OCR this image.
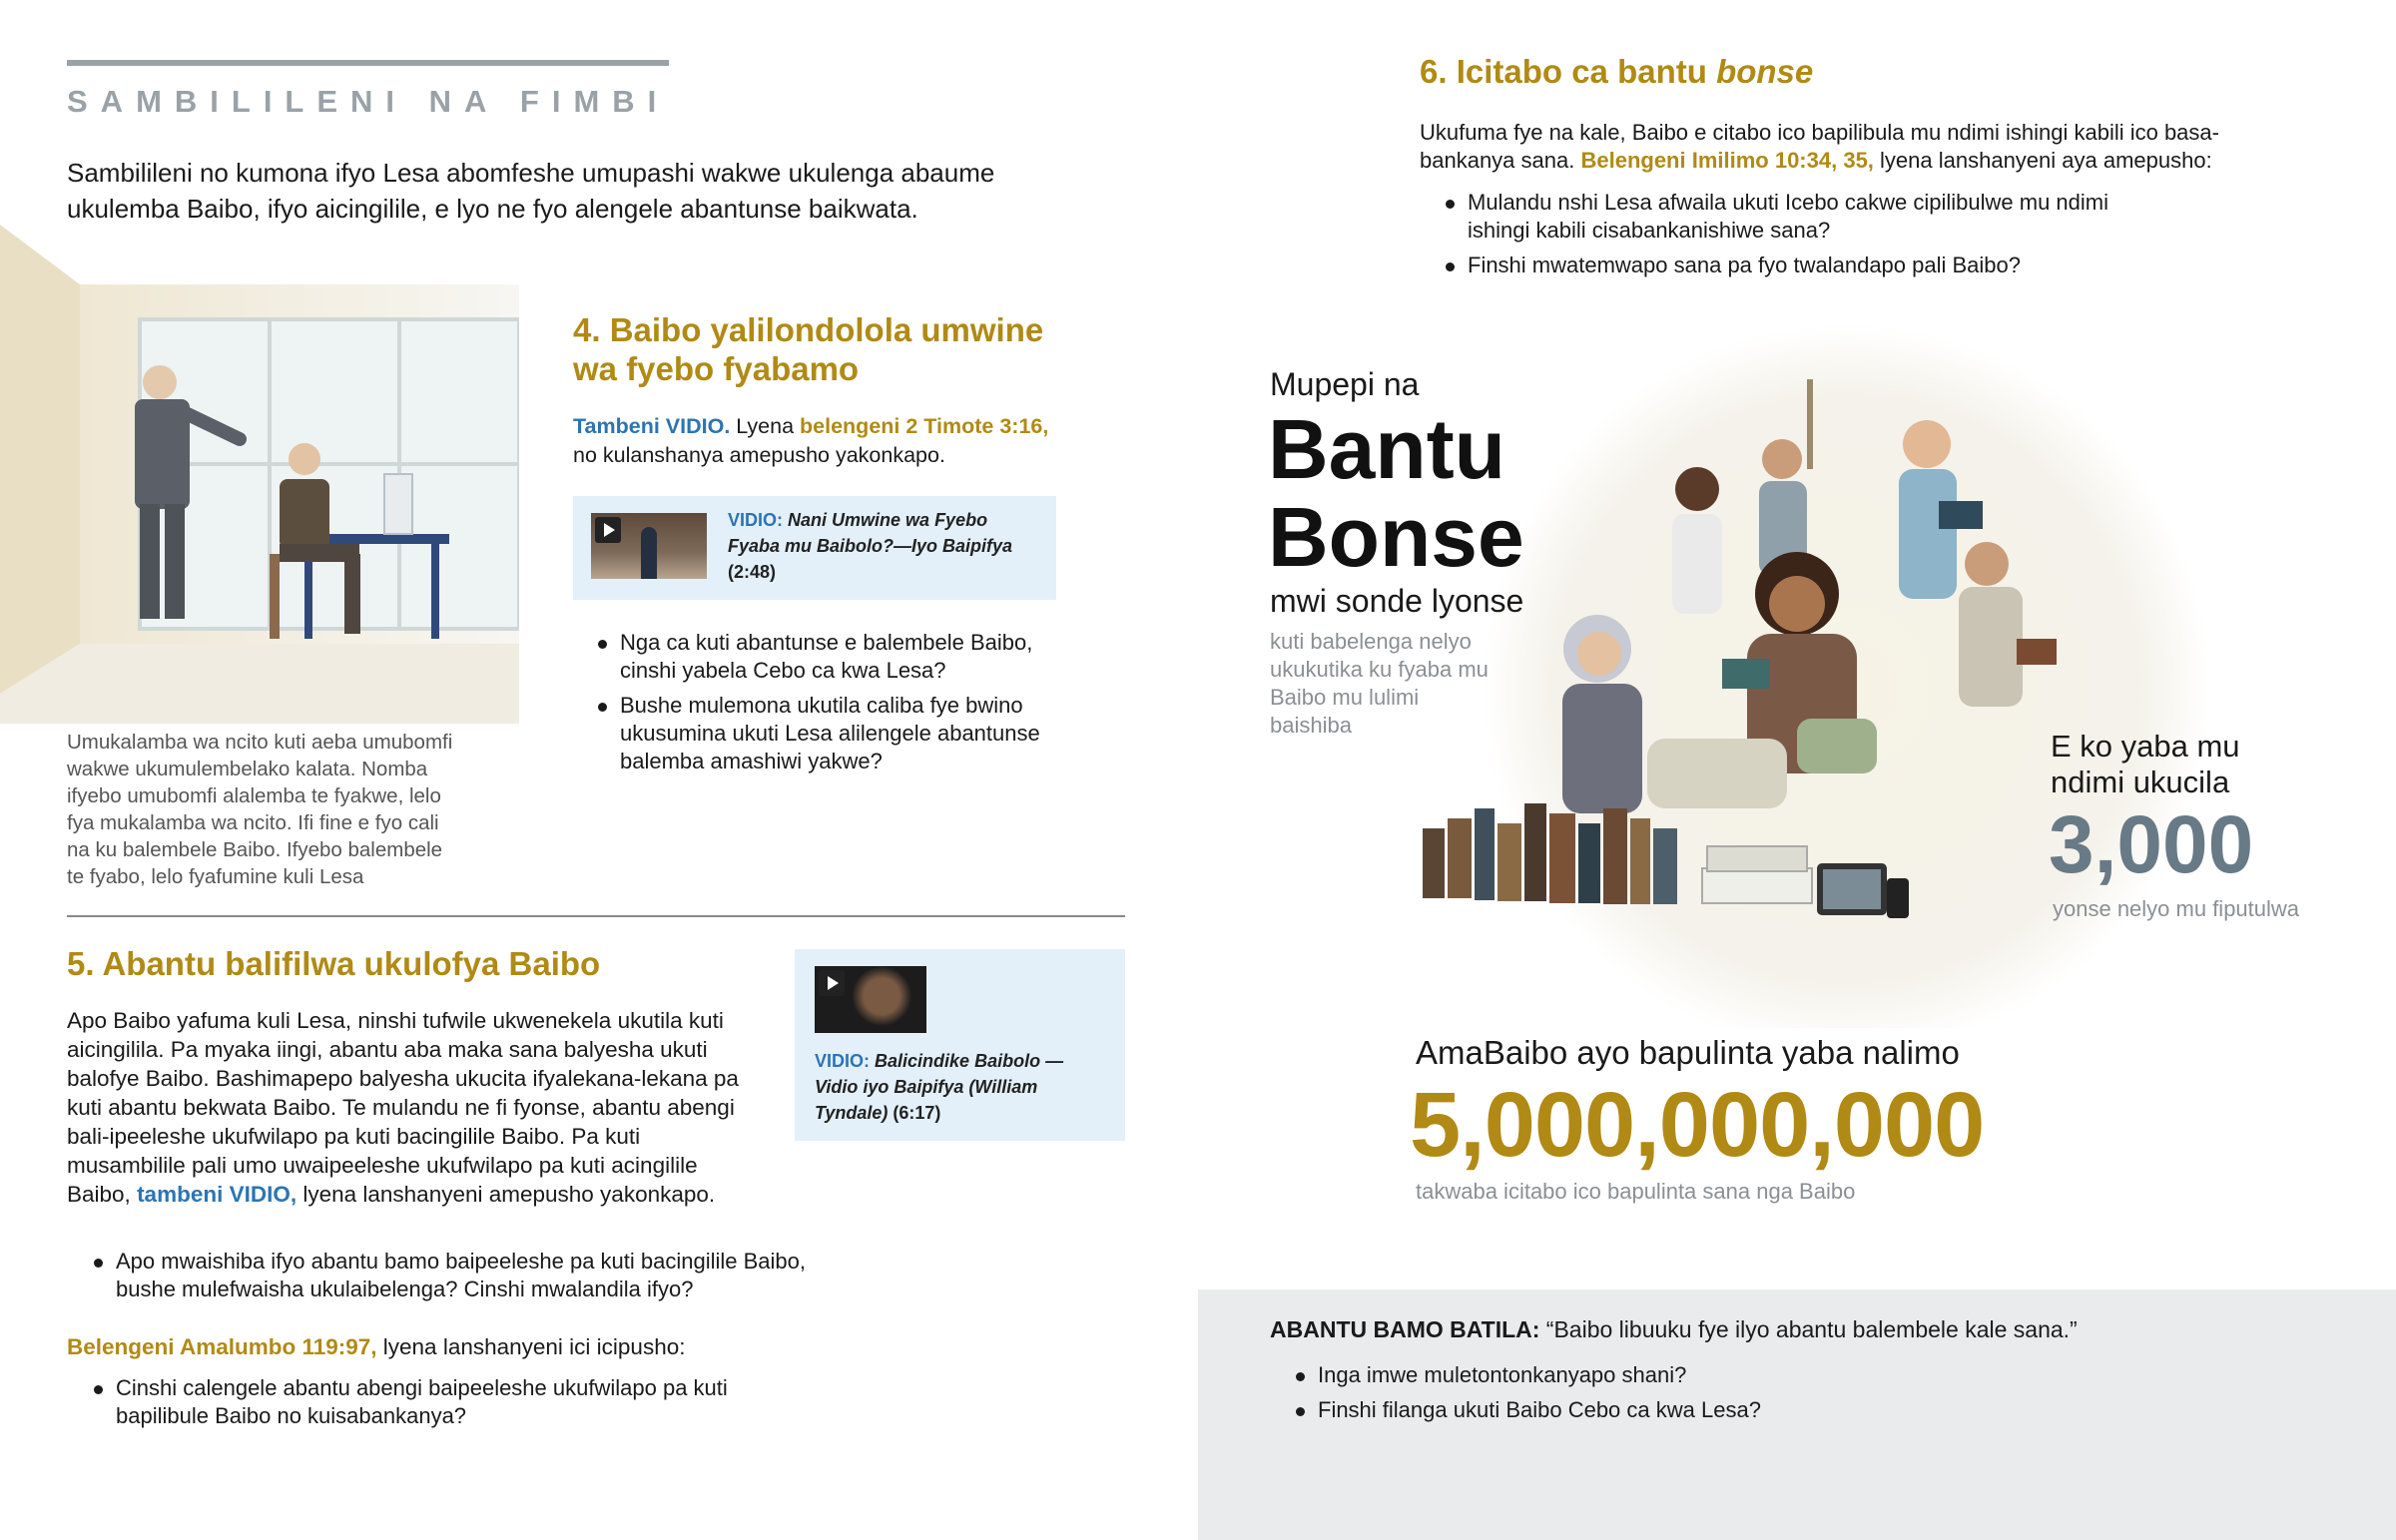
SAMBILILENI NA FIMBI

Sambilileni no kumona ifyo Lesa abomfeshe umupashi wakwe ukulenga abaume ukulemba Baibo, ifyo aicingilile, e lyo ne fyo alengele abantunse baikwata.

Umukalamba wa ncito kuti aeba umubomfi wakwe ukumulembelako kalata. Nomba ifyebo umubomfi alalemba te fyakwe, lelo fya mukalamba wa ncito. Ifi fine e fyo cali na ku balembele Baibo. Ifyebo balembele te fyabo, lelo fyafumine kuli Lesa

4. Baibo yalilondolola umwine
wa fyebo fyabamo

Tambeni VIDIO. Lyena belengeni 2 Timote 3:16,
no kulanshanya amepusho yakonkapo.

VIDIO: Nani Umwine wa Fyebo Fyaba mu Baibolo?—Iyo Baipifya (2:48)
Nga ca kuti abantunse e balembele Baibo, cinshi yabela Cebo ca kwa Lesa?
Bushe mulemona ukutila caliba fye bwino ukusumina ukuti Lesa alilengele abantunse balemba amashiwi yakwe?
5. Abantu balifilwa ukulofya Baibo

Apo Baibo yafuma kuli Lesa, ninshi tufwile ukwenekela ukutila kuti aicingilila. Pa myaka iingi, abantu aba maka sana balyesha ukuti balofye Baibo. Bashimapepo balyesha ukucita ifyalekana-lekana pa kuti abantu bekwata Baibo. Te mulandu ne fi fyonse, abantu abengi bali-ipeeleshe ukufwilapo pa kuti bacingilile Baibo. Pa kuti musambilile pali umo uwaipeeleshe ukufwilapo pa kuti acingilile Baibo, tambeni VIDIO, lyena lanshanyeni amepusho yakonkapo.

Apo mwaishiba ifyo abantu bamo baipeeleshe pa kuti bacingilile Baibo, bushe mulefwaisha ukulaibelenga? Cinshi mwalandila ifyo?

Belengeni Amalumbo 119:97, lyena lanshanyeni ici icipusho:

Cinshi calengele abantu abengi baipeeleshe ukufwilapo pa kuti bapilibule Baibo no kuisabankanya?
VIDIO: Balicindike Baibolo —Vidio iyo Baipifya (William Tyndale) (6:17)
6. Icitabo ca bantu bonse

Ukufuma fye na kale, Baibo e citabo ico bapilibula mu ndimi ishingi kabili ico basa-bankanya sana. Belengeni Imilimo 10:34, 35, lyena lanshanyeni aya amepusho:

Mulandu nshi Lesa afwaila ukuti Icebo cakwe cipilibulwe mu ndimi ishingi kabili cisabankanishiwe sana?
Finshi mwatemwapo sana pa fyo twalandapo pali Baibo?
Mupepi na
Bantu
Bonse
mwi sonde lyonse
kuti babelenga nelyo ukukutika ku fyaba mu Baibo mu lulimi baishiba
E ko yaba mu ndimi ukucila
3,000
yonse nelyo mu fiputulwa
AmaBaibo ayo bapulinta yaba nalimo
5,000,000,000
takwaba icitabo ico bapulinta sana nga Baibo

ABANTU BAMO BATILA: “Baibo libuuku fye ilyo abantu balembele kale sana.”

Inga imwe muletontonkanyapo shani?
Finshi filanga ukuti Baibo Cebo ca kwa Lesa?
